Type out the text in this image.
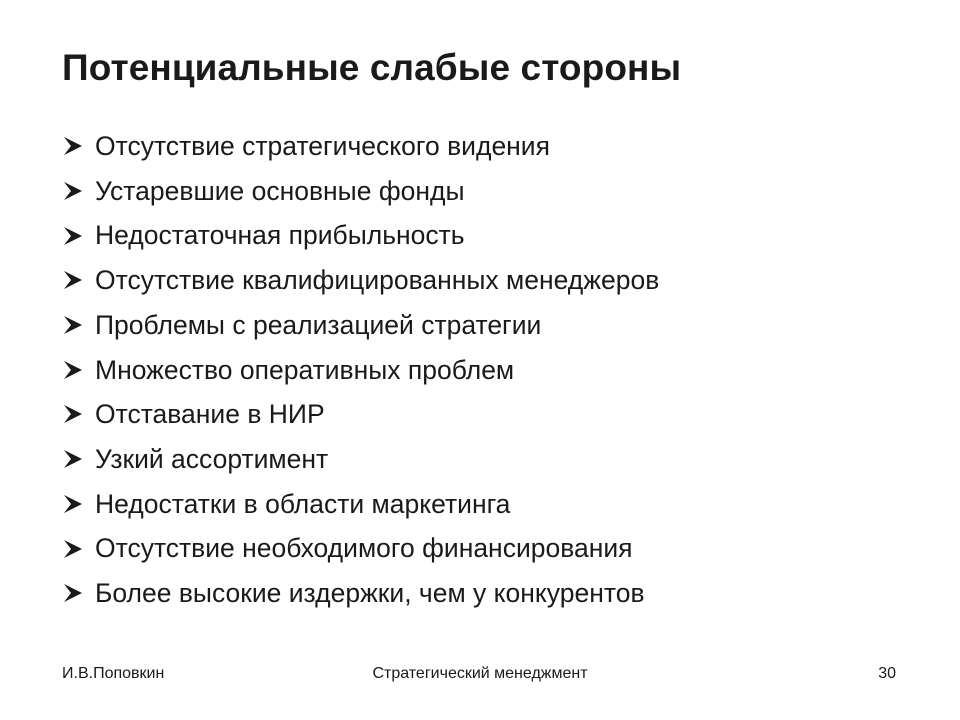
Потенциальные слабые стороны
Отсутствие стратегического видения
Устаревшие основные фонды
Недостаточная прибыльность
Отсутствие квалифицированных менеджеров
Проблемы с реализацией стратегии
Множество оперативных проблем
Отставание в НИР
Узкий ассортимент
Недостатки в области маркетинга
Отсутствие необходимого финансирования
Более высокие издержки, чем у конкурентов
И.В.Поповкин	Стратегический менеджмент	30
